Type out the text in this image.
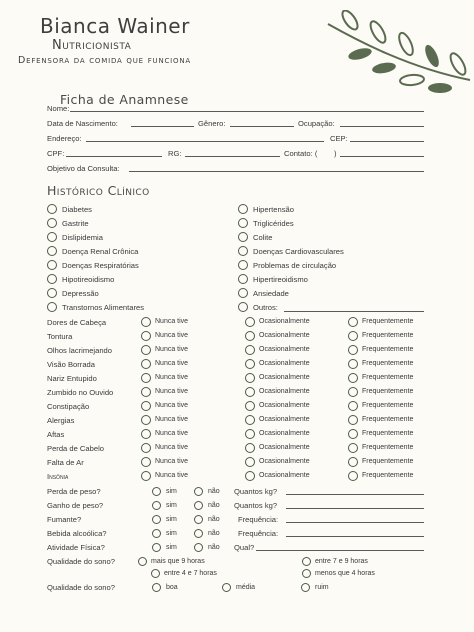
Bianca Wainer
Nutricionista
Defensora da comida que funciona
Ficha de Anamnese
Nome:
Data de Nascimento:	Gênero:	Ocupação:
Endereço:	CEP:
CPF:	RG:	Contato: ( )
Objetivo da Consulta:
Histórico Clínico
Diabetes
Gastrite
Dislipidemia
Doença Renal Crônica
Doenças Respiratórias
Hipotireoidismo
Depressão
Transtornos Alimentares
Hipertensão
Triglicérides
Colite
Doenças Cardiovasculares
Problemas de circulação
Hipertireoidismo
Ansiedade
Outros:
Dores de Cabeça	Nunca tive	Ocasionalmente	Frequentemente
Tontura	Nunca tive	Ocasionalmente	Frequentemente
Olhos lacrimejando	Nunca tive	Ocasionalmente	Frequentemente
Visão Borrada	Nunca tive	Ocasionalmente	Frequentemente
Nariz Entupido	Nunca tive	Ocasionalmente	Frequentemente
Zumbido no Ouvido	Nunca tive	Ocasionalmente	Frequentemente
Constipação	Nunca tive	Ocasionalmente	Frequentemente
Alergias	Nunca tive	Ocasionalmente	Frequentemente
Aftas	Nunca tive	Ocasionalmente	Frequentemente
Perda de Cabelo	Nunca tive	Ocasionalmente	Frequentemente
Falta de Ar	Nunca tive	Ocasionalmente	Frequentemente
Insônia	Nunca tive	Ocasionalmente	Frequentemente
Perda de peso?	sim	não Quantos kg?
Ganho de peso?	sim	não Quantos kg?
Fumante?	sim	não Frequência:
Bebida alcoólica?	sim	não Frequência:
Atividade Física?	sim	não Qual?
Qualidade do sono?	mais que 9 horas	entre 7 e 9 horas
entre 4 e 7 horas	menos que 4 horas
Qualidade do sono?	boa	média	ruim
